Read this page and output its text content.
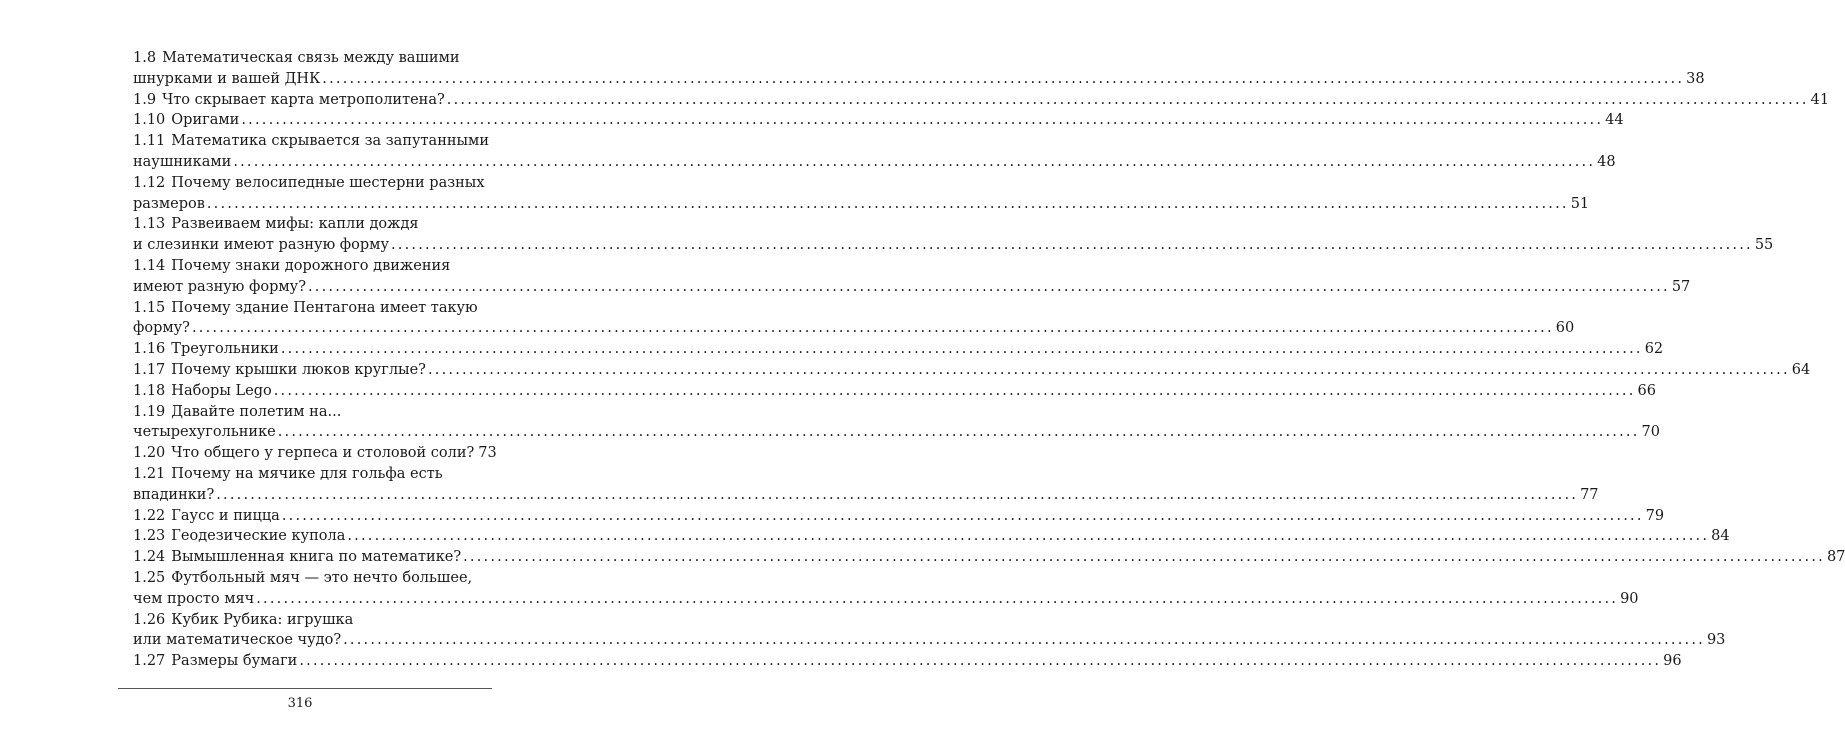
1.8 Математическая связь между вашими
шнурками и вашей ДНК ........................................................................................................................................................................................................ 38
1.9 Что скрывает карта метрополитена? ........................................................................................................................................................................................................ 41
1.10 Оригами ........................................................................................................................................................................................................ 44
1.11 Математика скрывается за запутанными
наушниками ........................................................................................................................................................................................................ 48
1.12 Почему велосипедные шестерни разных
размеров ........................................................................................................................................................................................................ 51
1.13 Развеиваем мифы: капли дождя
и слезинки имеют разную форму ........................................................................................................................................................................................................ 55
1.14 Почему знаки дорожного движения
имеют разную форму? ........................................................................................................................................................................................................ 57
1.15 Почему здание Пентагона имеет такую
форму? ........................................................................................................................................................................................................ 60
1.16 Треугольники ........................................................................................................................................................................................................ 62
1.17 Почему крышки люков круглые? ........................................................................................................................................................................................................ 64
1.18 Наборы Lego ........................................................................................................................................................................................................ 66
1.19 Давайте полетим на...
четырехугольнике ........................................................................................................................................................................................................ 70
1.20 Что общего у герпеса и столовой соли? 73
1.21 Почему на мячике для гольфа есть
впадинки? ........................................................................................................................................................................................................ 77
1.22 Гаусс и пицца ........................................................................................................................................................................................................ 79
1.23 Геодезические купола ........................................................................................................................................................................................................ 84
1.24 Вымышленная книга по математике? ........................................................................................................................................................................................................ 87
1.25 Футбольный мяч — это нечто большее,
чем просто мяч ........................................................................................................................................................................................................ 90
1.26 Кубик Рубика: игрушка
или математическое чудо? ........................................................................................................................................................................................................ 93
1.27 Размеры бумаги ........................................................................................................................................................................................................ 96
316
